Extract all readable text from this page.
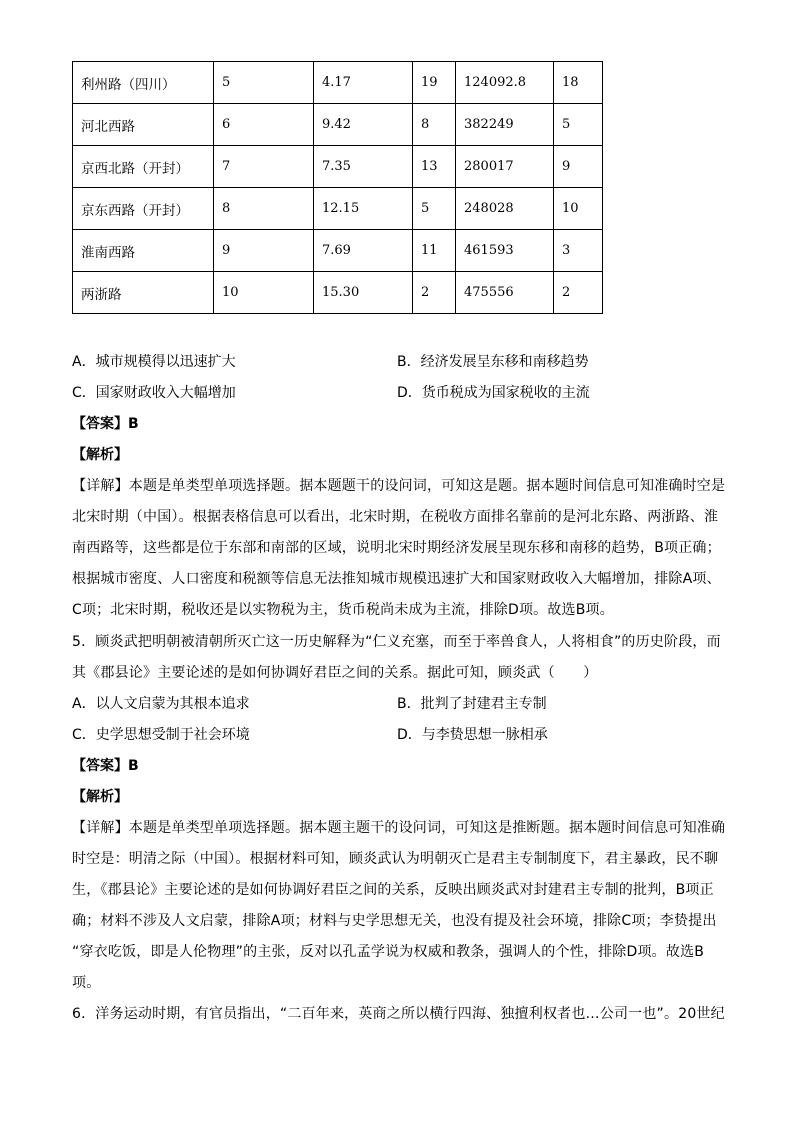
利州路（四川）	5	4.17	19	124092.8	18
河北西路	6	9.42	8	382249	5
京西北路（开封）	7	7.35	13	280017	9
京东西路（开封）	8	12.15	5	248028	10
淮南西路	9	7.69	11	461593	3
两浙路	10	15.30	2	475556	2
A．城市规模得以迅速扩大	B．经济发展呈东移和南移趋势
C．国家财政收入大幅增加	D．货币税成为国家税收的主流
【答案】B
【解析】

【详解】本题是单类型单项选择题。据本题题干的设问词，可知这是题。据本题时间信息可知准确时空是

北宋时期（中国）。根据表格信息可以看出，北宋时期，在税收方面排名靠前的是河北东路、两浙路、淮

南西路等，这些都是位于东部和南部的区域，说明北宋时期经济发展呈现东移和南移的趋势，B项正确；

根据城市密度、人口密度和税额等信息无法推知城市规模迅速扩大和国家财政收入大幅增加，排除A项、

C项；北宋时期，税收还是以实物税为主，货币税尚未成为主流，排除D项。故选B项。

5．顾炎武把明朝被清朝所灭亡这一历史解释为“仁义充塞，而至于率兽食人，人将相食”的历史阶段，而

其《郡县论》主要论述的是如何协调好君臣之间的关系。据此可知，顾炎武（　　）

A．以人文启蒙为其根本追求	B．批判了封建君主专制
C．史学思想受制于社会环境	D．与李贽思想一脉相承
【答案】B
【解析】

【详解】本题是单类型单项选择题。据本题主题干的设问词，可知这是推断题。据本题时间信息可知准确

时空是：明清之际（中国）。根据材料可知，顾炎武认为明朝灭亡是君主专制制度下，君主暴政，民不聊

生，《郡县论》主要论述的是如何协调好君臣之间的关系，反映出顾炎武对封建君主专制的批判，B项正

确；材料不涉及人文启蒙，排除A项；材料与史学思想无关，也没有提及社会环境，排除C项；李贽提出

“穿衣吃饭，即是人伦物理”的主张，反对以孔孟学说为权威和教条，强调人的个性，排除D项。故选B

项。

6．洋务运动时期，有官员指出，“二百年来，英商之所以横行四海、独擅利权者也…公司一也”。20世纪
